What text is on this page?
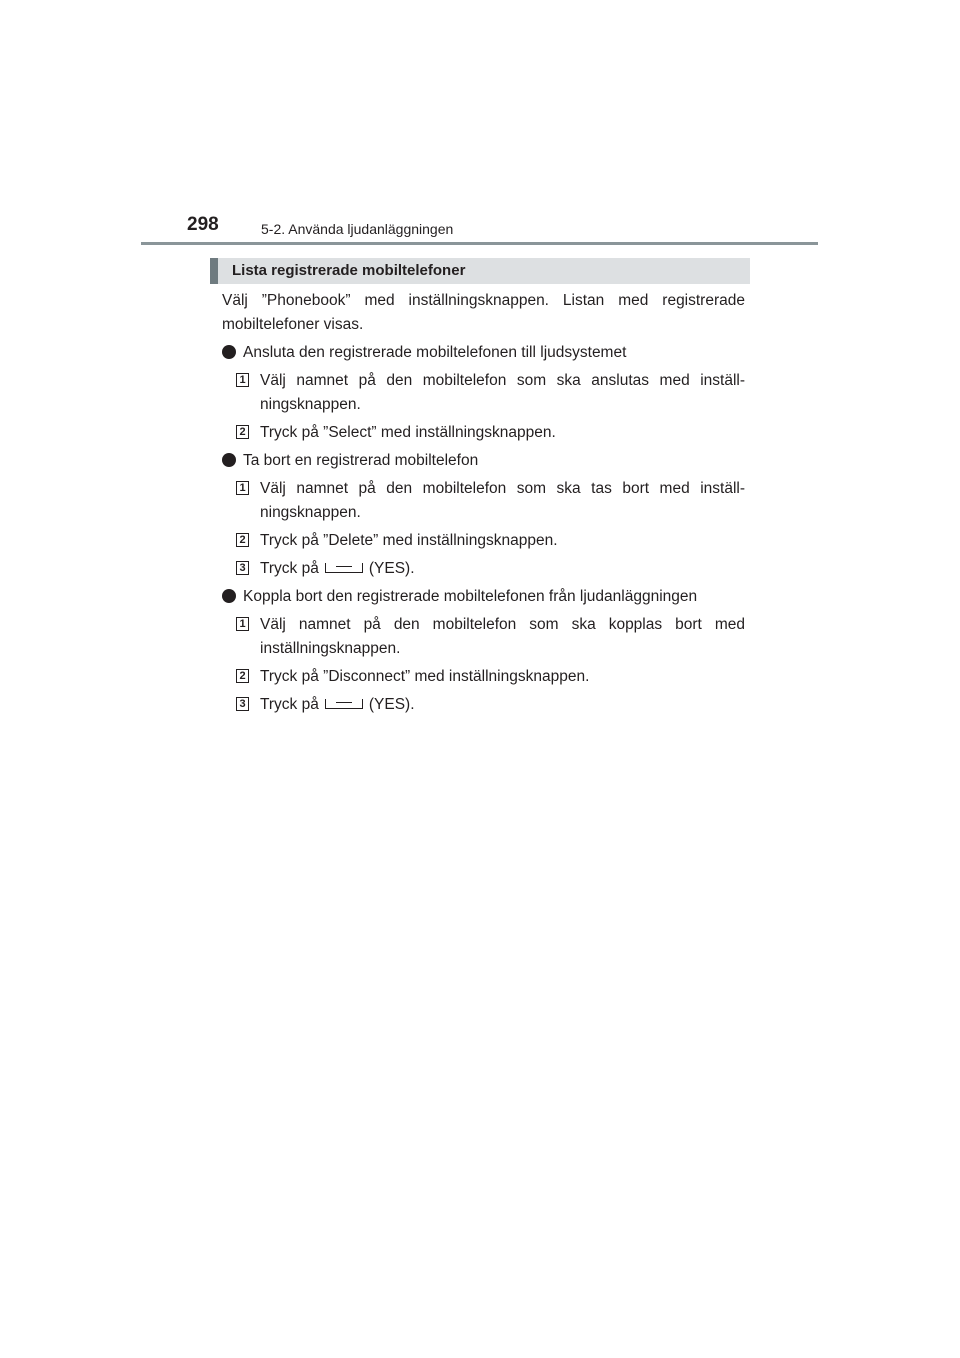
298	5-2. Använda ljudanläggningen
Lista registrerade mobiltelefoner

Välj ”Phonebook” med inställningsknappen. Listan med registrerade mobiltelefoner visas.

Ansluta den registrerade mobiltelefonen till ljudsystemet
1 Välj namnet på den mobiltelefon som ska anslutas med inställ-ningsknappen.
2 Tryck på ”Select” med inställningsknappen.
Ta bort en registrerad mobiltelefon
1 Välj namnet på den mobiltelefon som ska tas bort med inställ-ningsknappen.
2 Tryck på ”Delete” med inställningsknappen.
3 Tryck på	(YES).
Koppla bort den registrerade mobiltelefonen från ljudanläggningen
1 Välj namnet på den mobiltelefon som ska kopplas bort med inställningsknappen.
2 Tryck på ”Disconnect” med inställningsknappen.
3 Tryck på	(YES).
